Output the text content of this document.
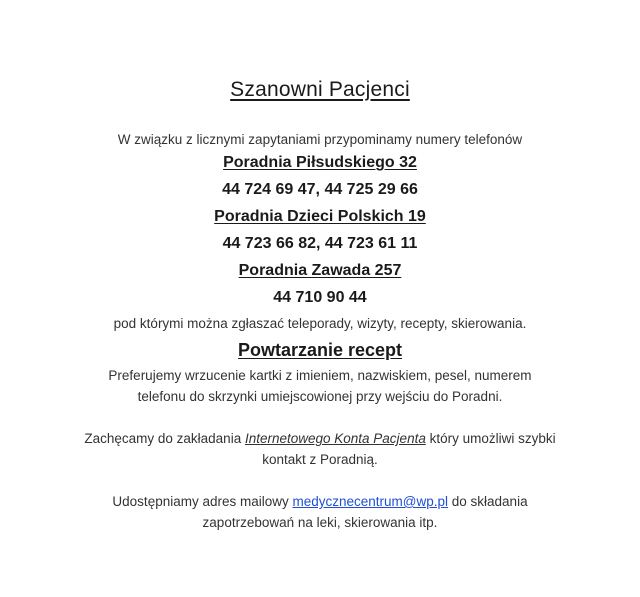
Szanowni Pacjenci
W związku z licznymi zapytaniami przypominamy numery telefonów
Poradnia Piłsudskiego 32
44 724 69 47, 44 725 29 66
Poradnia Dzieci Polskich 19
44 723 66 82, 44 723 61 11
Poradnia Zawada 257
44 710 90 44
pod którymi można zgłaszać teleporady, wizyty, recepty, skierowania.
Powtarzanie recept
Preferujemy wrzucenie kartki z imieniem, nazwiskiem, pesel, numerem
telefonu do skrzynki umiejscowionej przy wejściu do Poradni.
Zachęcamy do zakładania Internetowego Konta Pacjenta który umożliwi szybki
kontakt z Poradnią.
Udostępniamy adres mailowy medycznecentrum@wp.pl do składania
zapotrzebowań na leki, skierowania itp.
